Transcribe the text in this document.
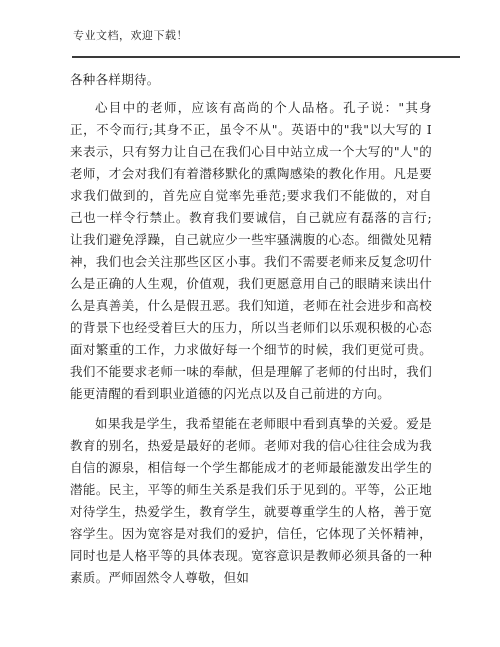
专业文档，欢迎下载！

各种各样期待。

心目中的老师，应该有高尚的个人品格。孔子说："其身正，不令而行;其身不正，虽令不从"。英语中的"我"以大写的 I 来表示，只有努力让自己在我们心目中站立成一个大写的"人"的老师，才会对我们有着潜移默化的熏陶感染的教化作用。凡是要求我们做到的，首先应自觉率先垂范;要求我们不能做的，对自己也一样令行禁止。教育我们要诚信，自己就应有磊落的言行;让我们避免浮躁，自己就应少一些牢骚满腹的心态。细微处见精神，我们也会关注那些区区小事。我们不需要老师来反复念叨什么是正确的人生观，价值观，我们更愿意用自己的眼睛来读出什么是真善美，什么是假丑恶。我们知道，老师在社会进步和高校的背景下也经受着巨大的压力，所以当老师们以乐观积极的心态面对繁重的工作，力求做好每一个细节的时候，我们更觉可贵。我们不能要求老师一味的奉献，但是理解了老师的付出时，我们能更清醒的看到职业道德的闪光点以及自己前进的方向。

如果我是学生，我希望能在老师眼中看到真挚的关爱。爱是教育的别名，热爱是最好的老师。老师对我的信心往往会成为我自信的源泉，相信每一个学生都能成才的老师最能激发出学生的潜能。民主，平等的师生关系是我们乐于见到的。平等，公正地对待学生，热爱学生，教育学生，就要尊重学生的人格，善于宽容学生。因为宽容是对我们的爱护，信任，它体现了关怀精神，同时也是人格平等的具体表现。宽容意识是教师必须具备的一种素质。严师固然令人尊敬，但如
